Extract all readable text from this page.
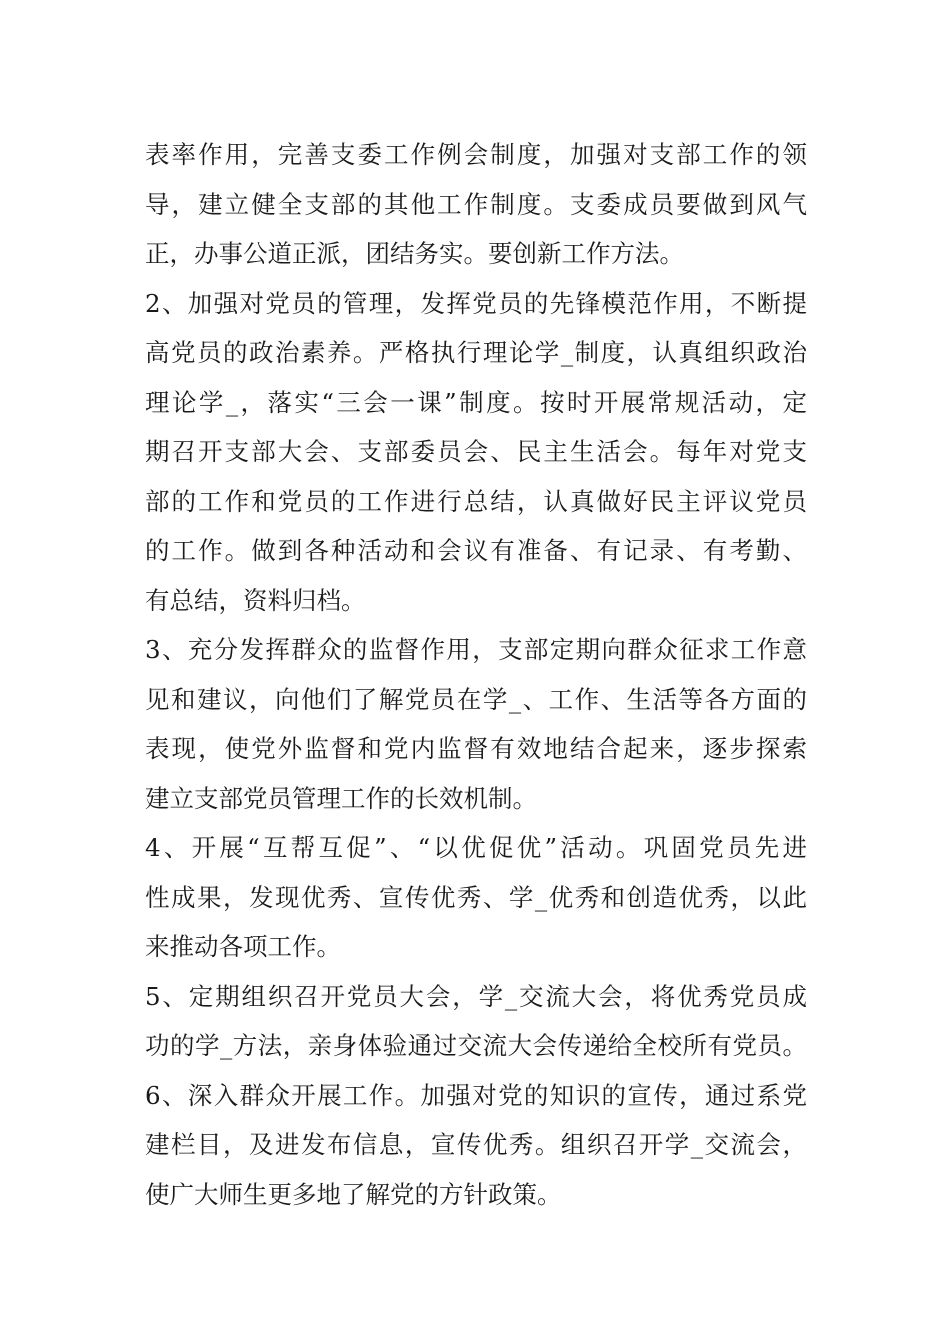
表率作用，完善支委工作例会制度，加强对支部工作的领
导，建立健全支部的其他工作制度。支委成员要做到风气
正，办事公道正派，团结务实。要创新工作方法。
2、加强对党员的管理，发挥党员的先锋模范作用，不断提
高党员的政治素养。严格执行理论学_制度，认真组织政治
理论学_，落实“三会一课”制度。按时开展常规活动，定
期召开支部大会、支部委员会、民主生活会。每年对党支
部的工作和党员的工作进行总结，认真做好民主评议党员
的工作。做到各种活动和会议有准备、有记录、有考勤、
有总结，资料归档。
3、充分发挥群众的监督作用，支部定期向群众征求工作意
见和建议，向他们了解党员在学_、工作、生活等各方面的
表现，使党外监督和党内监督有效地结合起来，逐步探索
建立支部党员管理工作的长效机制。
4、开展“互帮互促”、“以优促优”活动。巩固党员先进
性成果，发现优秀、宣传优秀、学_优秀和创造优秀，以此
来推动各项工作。
5、定期组织召开党员大会，学_交流大会，将优秀党员成
功的学_方法，亲身体验通过交流大会传递给全校所有党员。
6、深入群众开展工作。加强对党的知识的宣传，通过系党
建栏目，及进发布信息，宣传优秀。组织召开学_交流会，
使广大师生更多地了解党的方针政策。
